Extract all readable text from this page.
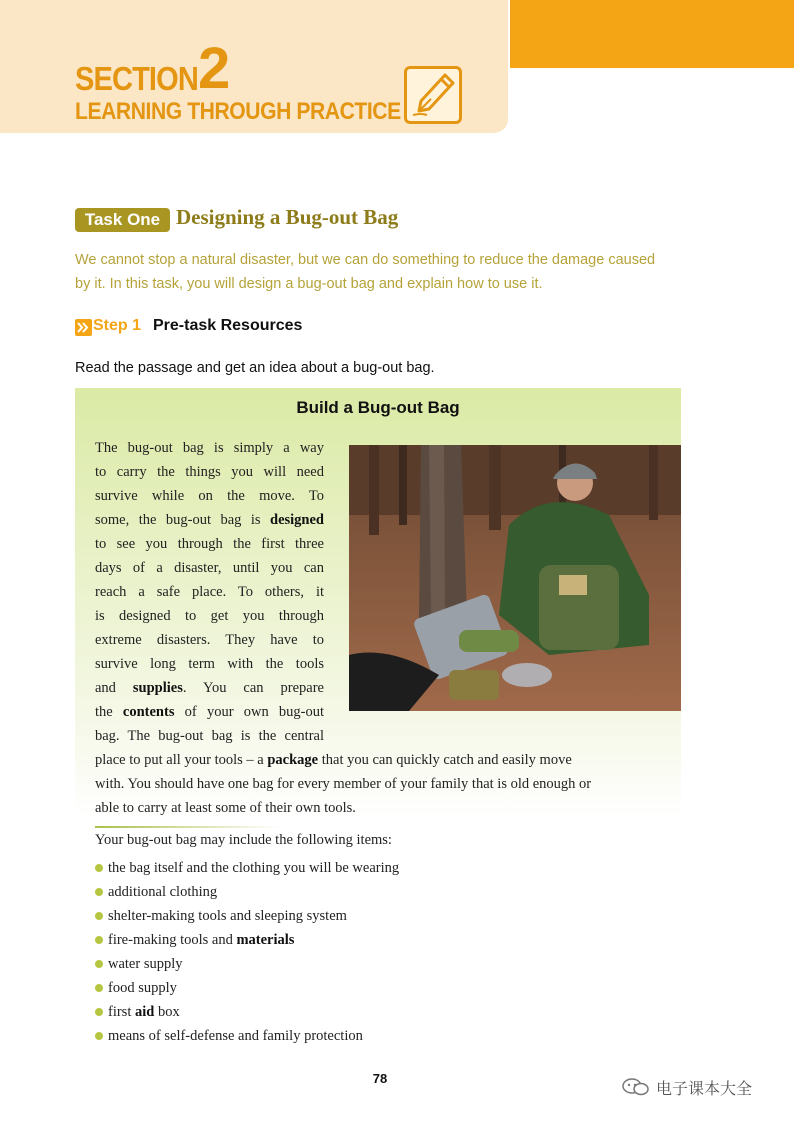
SECTION 2
LEARNING THROUGH PRACTICE
Task One Designing a Bug-out Bag
We cannot stop a natural disaster, but we can do something to reduce the damage caused
by it. In this task, you will design a bug-out bag and explain how to use it.
Step 1 Pre-task Resources
Read the passage and get an idea about a bug-out bag.
Build a Bug-out Bag
The bug-out bag is simply a way
to carry the things you will need
survive while on the move. To
some, the bug-out bag is designed
to see you through the first three
days of a disaster, until you can
reach a safe place. To others, it
is designed to get you through
extreme disasters. They have to
survive long term with the tools
and supplies. You can prepare
the contents of your own bug-out
bag. The bug-out bag is the central
place to put all your tools – a package that you can quickly catch and easily move
with. You should have one bag for every member of your family that is old enough or
able to carry at least some of their own tools.
Your bug-out bag may include the following items:
the bag itself and the clothing you will be wearing
additional clothing
shelter-making tools and sleeping system
fire-making tools and materials
water supply
food supply
first aid box
means of self-defense and family protection
78
电子课本大全
